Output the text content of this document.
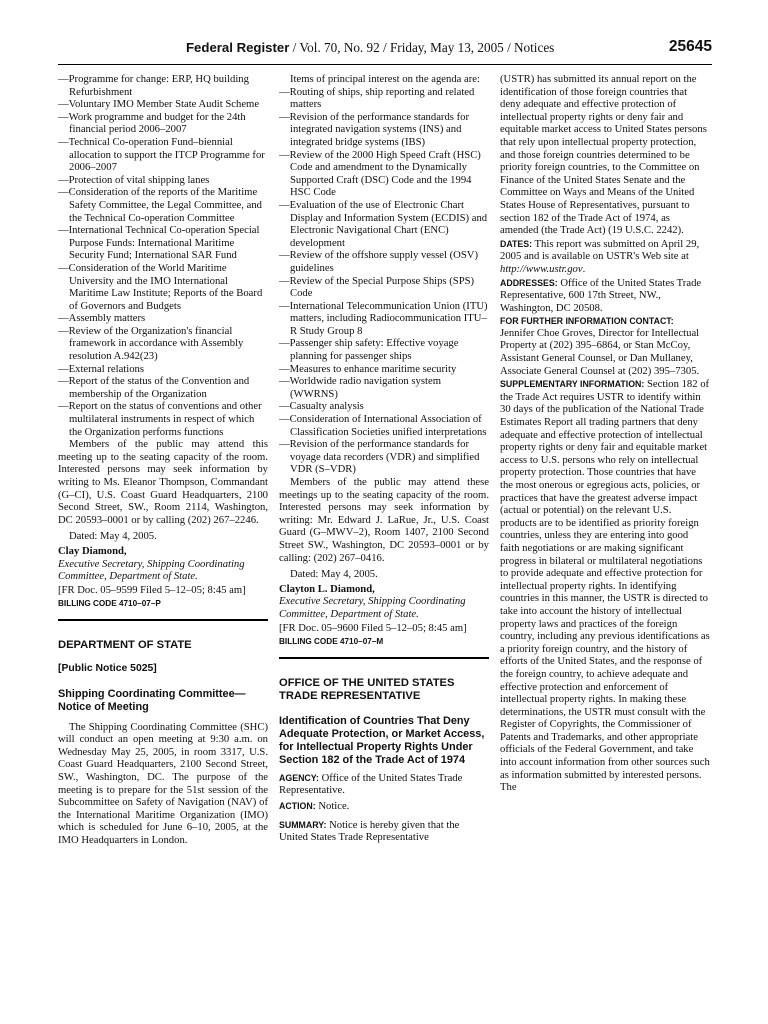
Federal Register / Vol. 70, No. 92 / Friday, May 13, 2005 / Notices	25645
—Programme for change: ERP, HQ building Refurbishment
—Voluntary IMO Member State Audit Scheme
—Work programme and budget for the 24th financial period 2006–2007
—Technical Co-operation Fund–biennial allocation to support the ITCP Programme for 2006–2007
—Protection of vital shipping lanes
—Consideration of the reports of the Maritime Safety Committee, the Legal Committee, and the Technical Co-operation Committee
—International Technical Co-operation Special Purpose Funds: International Maritime Security Fund; International SAR Fund
—Consideration of the World Maritime University and the IMO International Maritime Law Institute; Reports of the Board of Governors and Budgets
—Assembly matters
—Review of the Organization's financial framework in accordance with Assembly resolution A.942(23)
—External relations
—Report of the status of the Convention and membership of the Organization
—Report on the status of conventions and other multilateral instruments in respect of which the Organization performs functions
Members of the public may attend this meeting up to the seating capacity of the room. Interested persons may seek information by writing to Ms. Eleanor Thompson, Commandant (G–CI), U.S. Coast Guard Headquarters, 2100 Second Street, SW., Room 2114, Washington, DC 20593–0001 or by calling (202) 267–2246.
Dated: May 4, 2005.
Clay Diamond,
Executive Secretary, Shipping Coordinating Committee, Department of State.
[FR Doc. 05–9599 Filed 5–12–05; 8:45 am]
BILLING CODE 4710–07–P
DEPARTMENT OF STATE
[Public Notice 5025]
Shipping Coordinating Committee—Notice of Meeting
The Shipping Coordinating Committee (SHC) will conduct an open meeting at 9:30 a.m. on Wednesday May 25, 2005, in room 3317, U.S. Coast Guard Headquarters, 2100 Second Street, SW., Washington, DC. The purpose of the meeting is to prepare for the 51st session of the Subcommittee on Safety of Navigation (NAV) of the International Maritime Organization (IMO) which is scheduled for June 6–10, 2005, at the IMO Headquarters in London.
Items of principal interest on the agenda are:
—Routing of ships, ship reporting and related matters
—Revision of the performance standards for integrated navigation systems (INS) and integrated bridge systems (IBS)
—Review of the 2000 High Speed Craft (HSC) Code and amendment to the Dynamically Supported Craft (DSC) Code and the 1994 HSC Code
—Evaluation of the use of Electronic Chart Display and Information System (ECDIS) and Electronic Navigational Chart (ENC) development
—Review of the offshore supply vessel (OSV) guidelines
—Review of the Special Purpose Ships (SPS) Code
—International Telecommunication Union (ITU) matters, including Radiocommunication ITU–R Study Group 8
—Passenger ship safety: Effective voyage planning for passenger ships
—Measures to enhance maritime security
—Worldwide radio navigation system (WWRNS)
—Casualty analysis
—Consideration of International Association of Classification Societies unified interpretations
—Revision of the performance standards for voyage data recorders (VDR) and simplified VDR (S–VDR)
Members of the public may attend these meetings up to the seating capacity of the room. Interested persons may seek information by writing: Mr. Edward J. LaRue, Jr., U.S. Coast Guard (G–MWV–2), Room 1407, 2100 Second Street SW., Washington, DC 20593–0001 or by calling: (202) 267–0416.
Dated: May 4, 2005.
Clayton L. Diamond,
Executive Secretary, Shipping Coordinating Committee, Department of State.
[FR Doc. 05–9600 Filed 5–12–05; 8:45 am]
BILLING CODE 4710–07–M
OFFICE OF THE UNITED STATES TRADE REPRESENTATIVE
Identification of Countries That Deny Adequate Protection, or Market Access, for Intellectual Property Rights Under Section 182 of the Trade Act of 1974
AGENCY: Office of the United States Trade Representative.
ACTION: Notice.
SUMMARY: Notice is hereby given that the United States Trade Representative
(USTR) has submitted its annual report on the identification of those foreign countries that deny adequate and effective protection of intellectual property rights or deny fair and equitable market access to United States persons that rely upon intellectual property protection, and those foreign countries determined to be priority foreign countries, to the Committee on Finance of the United States Senate and the Committee on Ways and Means of the United States House of Representatives, pursuant to section 182 of the Trade Act of 1974, as amended (the Trade Act) (19 U.S.C. 2242).
DATES: This report was submitted on April 29, 2005 and is available on USTR's Web site at http://www.ustr.gov.
ADDRESSES: Office of the United States Trade Representative, 600 17th Street, NW., Washington, DC 20508.
FOR FURTHER INFORMATION CONTACT:
Jennifer Choe Groves, Director for Intellectual Property at (202) 395–6864, or Stan McCoy, Assistant General Counsel, or Dan Mullaney, Associate General Counsel at (202) 395–7305.
SUPPLEMENTARY INFORMATION: Section 182 of the Trade Act requires USTR to identify within 30 days of the publication of the National Trade Estimates Report all trading partners that deny adequate and effective protection of intellectual property rights or deny fair and equitable market access to U.S. persons who rely on intellectual property protection. Those countries that have the most onerous or egregious acts, policies, or practices that have the greatest adverse impact (actual or potential) on the relevant U.S. products are to be identified as priority foreign countries, unless they are entering into good faith negotiations or are making significant progress in bilateral or multilateral negotiations to provide adequate and effective protection for intellectual property rights. In identifying countries in this manner, the USTR is directed to take into account the history of intellectual property laws and practices of the foreign country, including any previous identifications as a priority foreign country, and the history of efforts of the United States, and the response of the foreign country, to achieve adequate and effective protection and enforcement of intellectual property rights. In making these determinations, the USTR must consult with the Register of Copyrights, the Commissioner of Patents and Trademarks, and other appropriate officials of the Federal Government, and take into account information from other sources such as information submitted by interested persons. The
